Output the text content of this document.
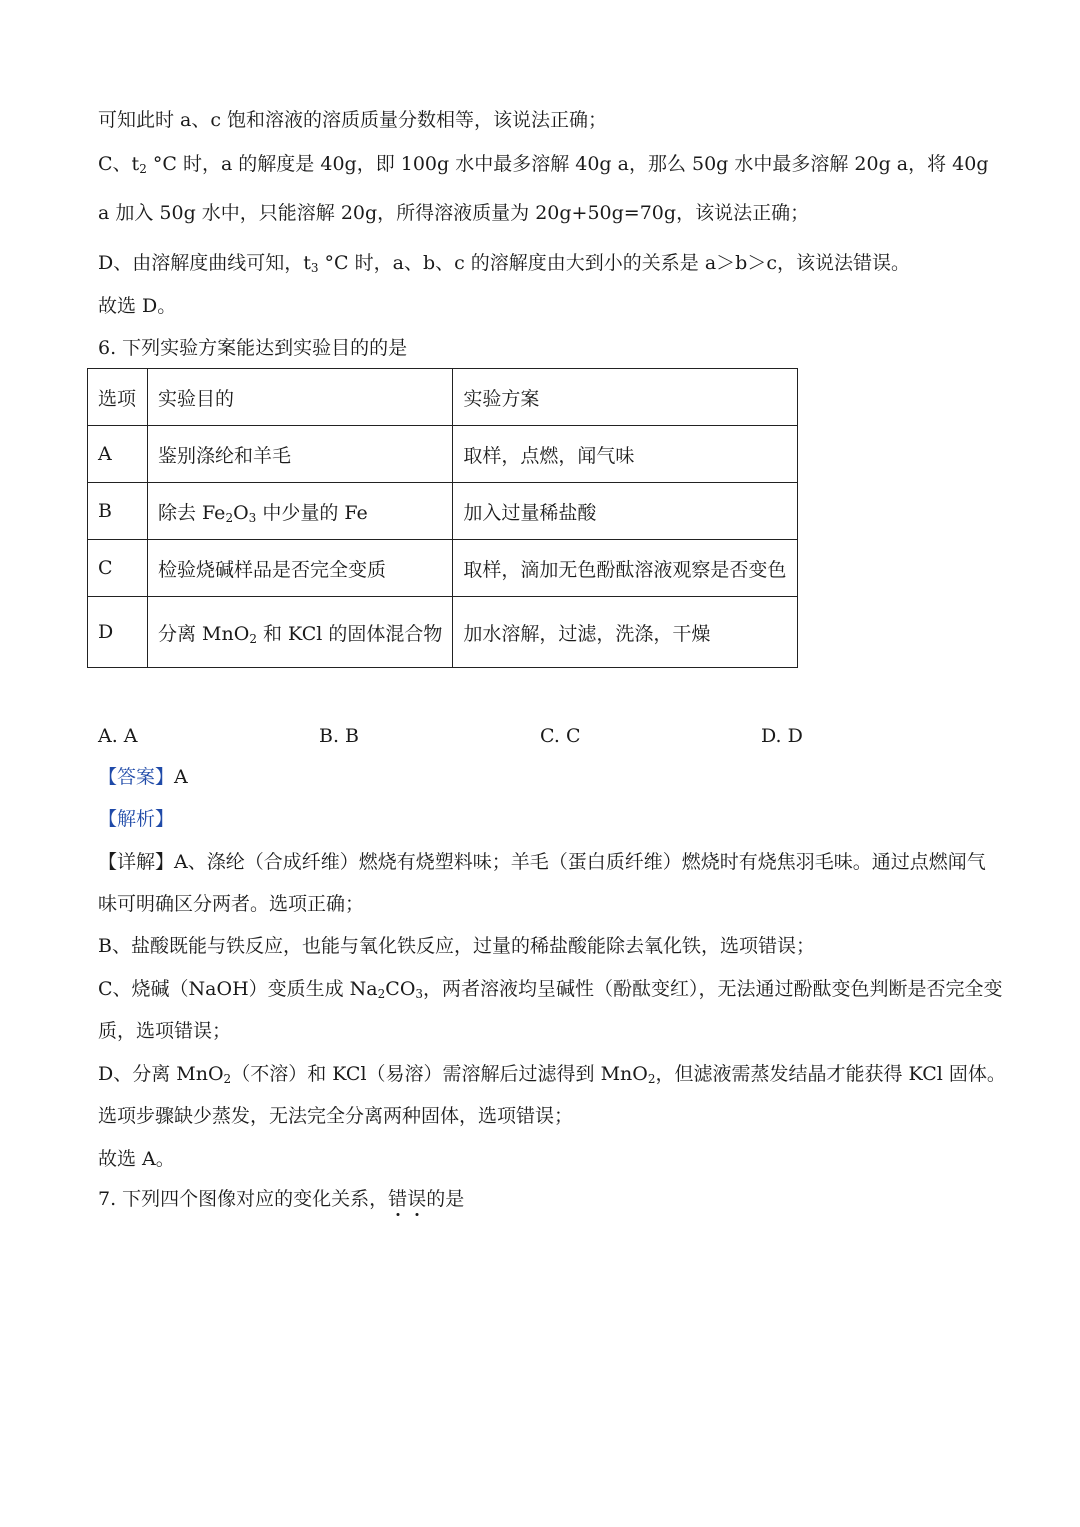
可知此时 a、c 饱和溶液的溶质质量分数相等，该说法正确；
C、$t_2$ °C 时，a 的解度是 40g，即 100g 水中最多溶解 40g a，那么 50g 水中最多溶解 20g a，将 40g
a 加入 50g 水中，只能溶解 20g，所得溶液质量为 20g+50g=70g，该说法正确；
D、由溶解度曲线可知，$t_3$ °C 时，a、b、c 的溶解度由大到小的关系是 a＞b＞c，该说法错误。
故选 D。
6. 下列实验方案能达到实验目的的是
选项	实验目的	实验方案
A	鉴别涤纶和羊毛	取样，点燃，闻气味
B	除去 $Fe_2O_3$ 中少量的 Fe	加入过量稀盐酸
C	检验烧碱样品是否完全变质	取样，滴加无色酚酞溶液观察是否变色
D	分离 MnO$_2$ 和 KCl 的固体混合物	加水溶解，过滤，洗涤，干燥
A. A	B. B	C. C	D. D
【答案】A
【解析】
【详解】A、涤纶（合成纤维）燃烧有烧塑料味；羊毛（蛋白质纤维）燃烧时有烧焦羽毛味。通过点燃闻气
味可明确区分两者。选项正确；
B、盐酸既能与铁反应，也能与氧化铁反应，过量的稀盐酸能除去氧化铁，选项错误；
C、烧碱（NaOH）变质生成 $Na_2CO_3$，两者溶液均呈碱性（酚酞变红），无法通过酚酞变色判断是否完全变
质，选项错误；
D、分离 MnO$_2$（不溶）和 KCl（易溶）需溶解后过滤得到 MnO$_2$，但滤液需蒸发结晶才能获得 KCl 固体。
选项步骤缺少蒸发，无法完全分离两种固体，选项错误；
故选 A。
7. 下列四个图像对应的变化关系，错误的是
